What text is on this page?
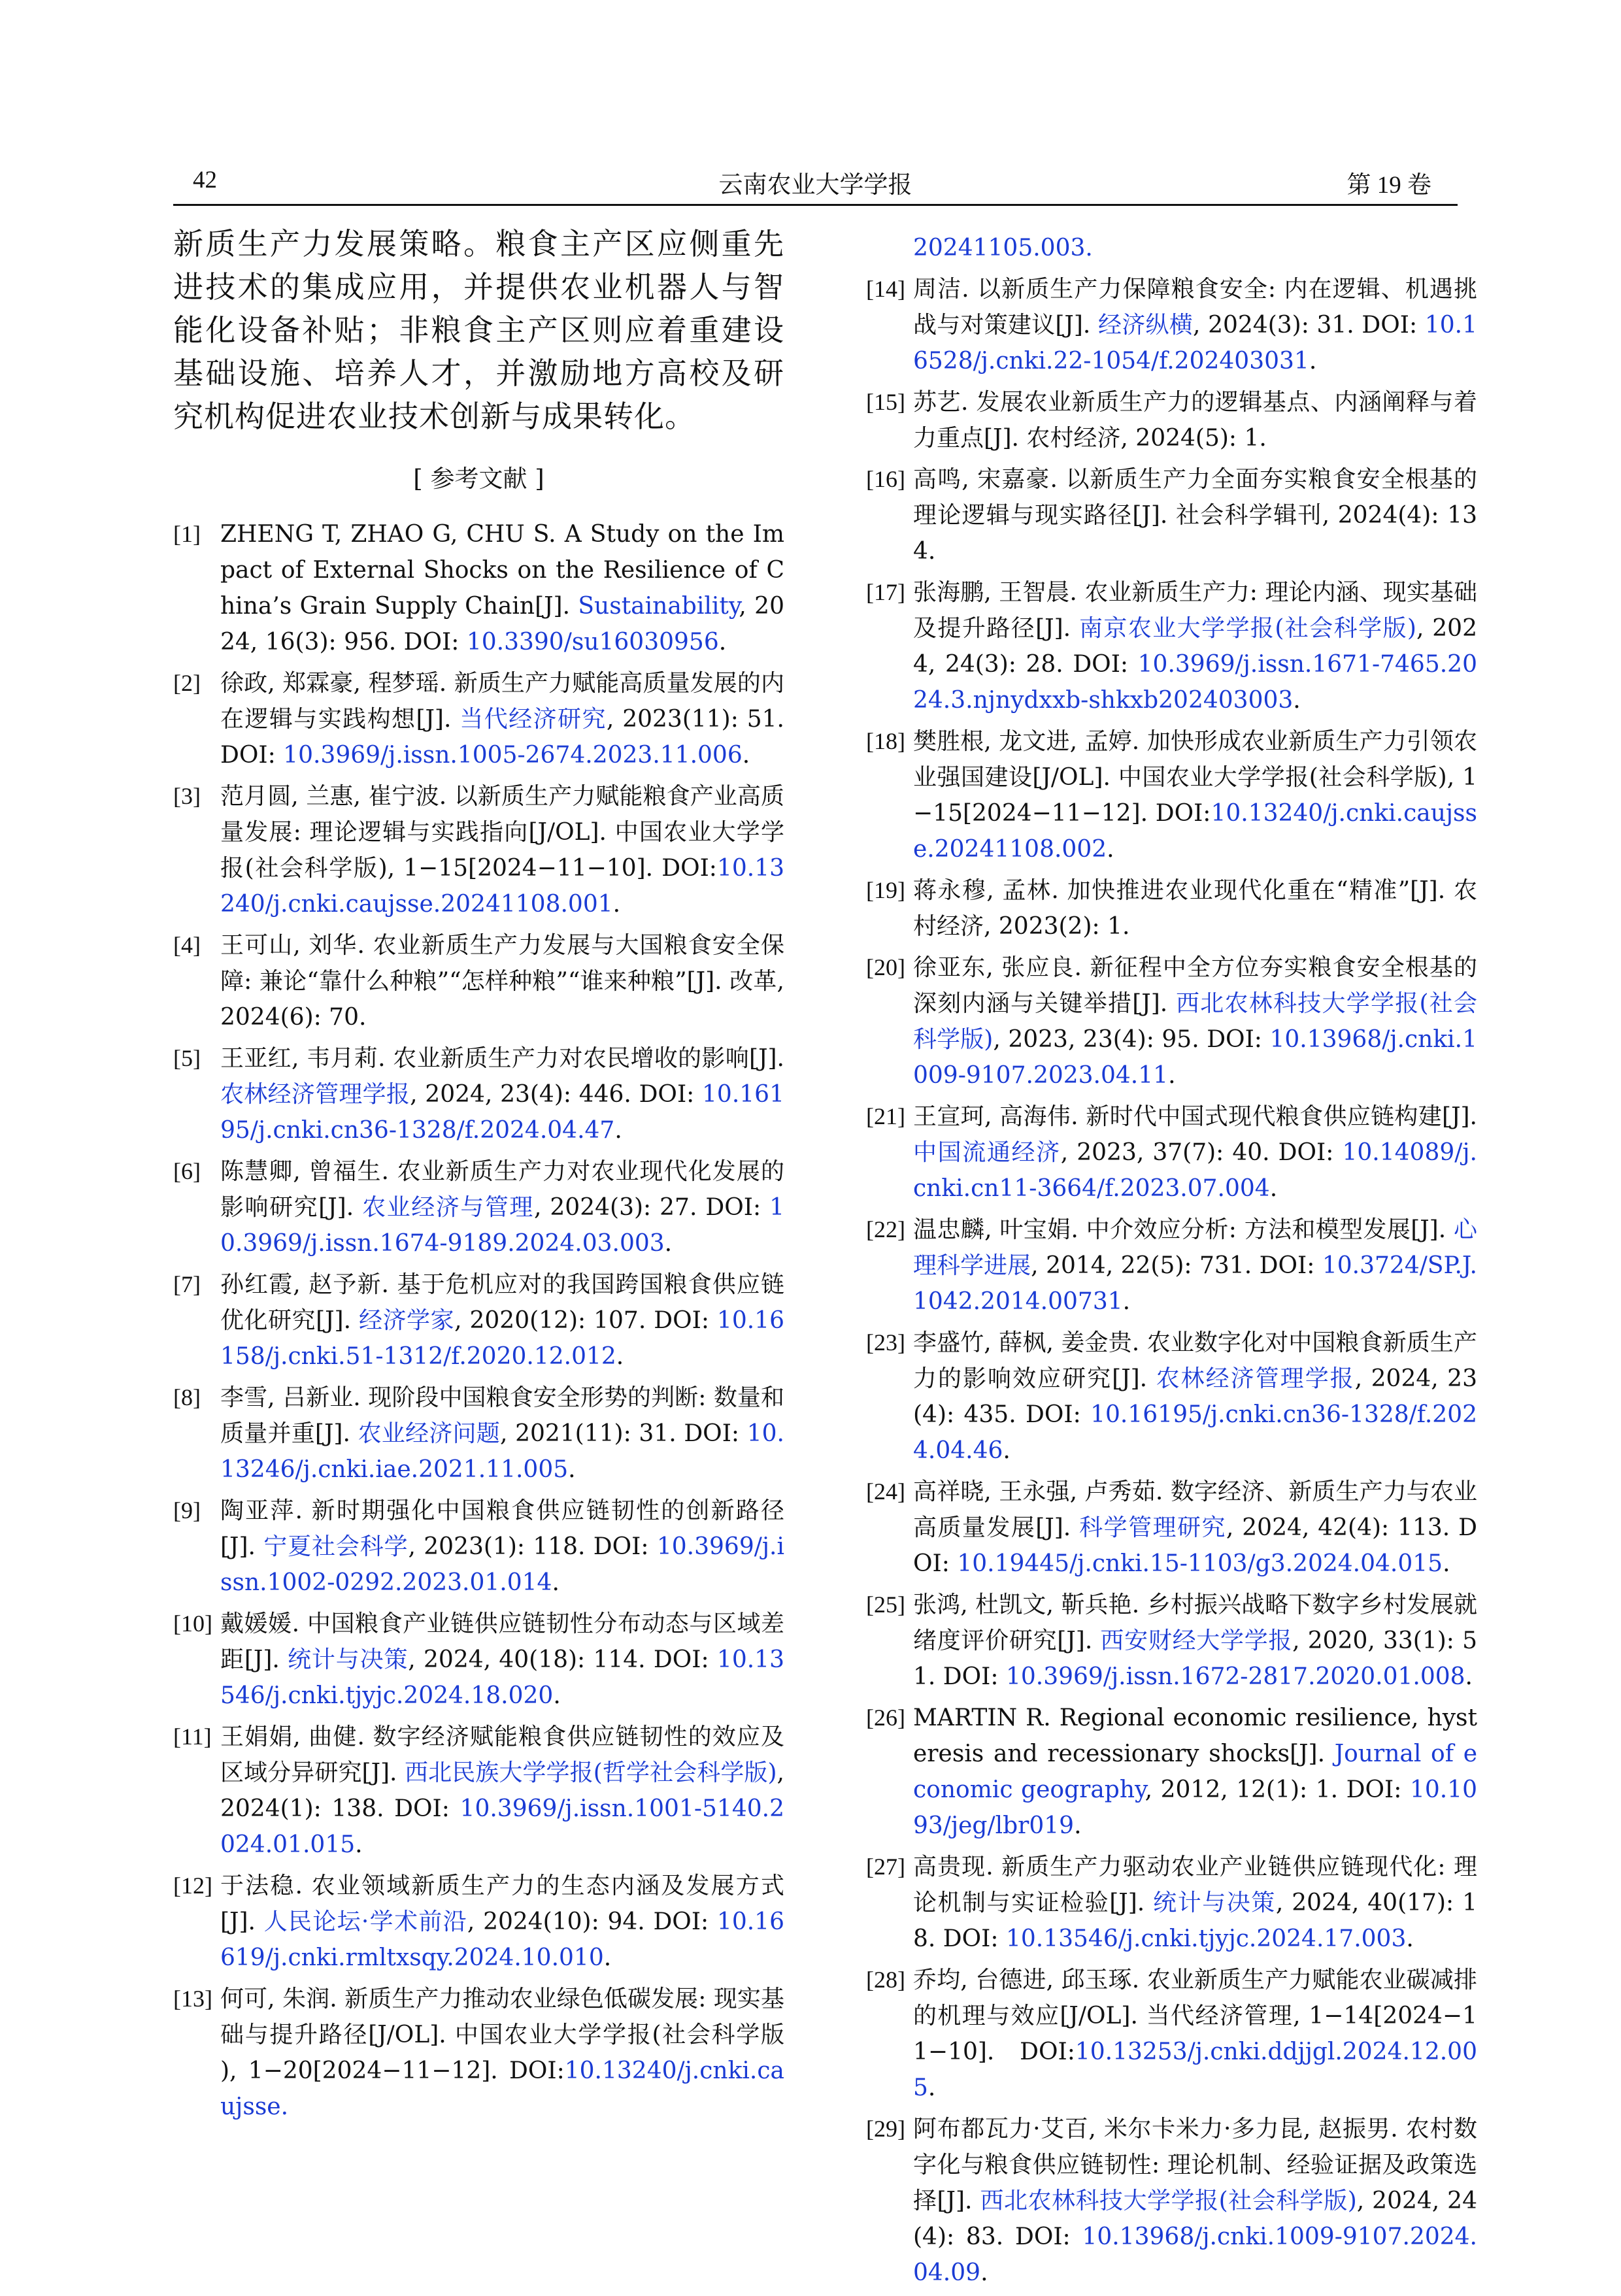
42	云南农业大学学报	第 19 卷

新质生产力发展策略。粮食主产区应侧重先进技术的集成应用，并提供农业机器人与智能化设备补贴；非粮食主产区则应着重建设基础设施、培养人才，并激励地方高校及研究机构促进农业技术创新与成果转化。

[ 参考文献 ]
[1] ZHENG T, ZHAO G, CHU S. A Study on the Impact of External Shocks on the Resilience of China’s Grain Supply Chain[J]. Sustainability, 2024, 16(3): 956. DOI: 10.3390/su16030956.
[2] 徐政, 郑霖豪, 程梦瑶. 新质生产力赋能高质量发展的内在逻辑与实践构想[J]. 当代经济研究, 2023(11): 51. DOI: 10.3969/j.issn.1005-2674.2023.11.006.
[3] 范月圆, 兰惠, 崔宁波. 以新质生产力赋能粮食产业高质量发展: 理论逻辑与实践指向[J/OL]. 中国农业大学学报(社会科学版), 1−15[2024−11−10]. DOI:10.13240/j.cnki.caujsse.20241108.001.
[4] 王可山, 刘华. 农业新质生产力发展与大国粮食安全保障: 兼论“靠什么种粮”“怎样种粮”“谁来种粮”[J]. 改革, 2024(6): 70.
[5] 王亚红, 韦月莉. 农业新质生产力对农民增收的影响[J]. 农林经济管理学报, 2024, 23(4): 446. DOI: 10.16195/j.cnki.cn36-1328/f.2024.04.47.
[6] 陈慧卿, 曾福生. 农业新质生产力对农业现代化发展的影响研究[J]. 农业经济与管理, 2024(3): 27. DOI: 10.3969/j.issn.1674-9189.2024.03.003.
[7] 孙红霞, 赵予新. 基于危机应对的我国跨国粮食供应链优化研究[J]. 经济学家, 2020(12): 107. DOI: 10.16158/j.cnki.51-1312/f.2020.12.012.
[8] 李雪, 吕新业. 现阶段中国粮食安全形势的判断: 数量和质量并重[J]. 农业经济问题, 2021(11): 31. DOI: 10.13246/j.cnki.iae.2021.11.005.
[9] 陶亚萍. 新时期强化中国粮食供应链韧性的创新路径[J]. 宁夏社会科学, 2023(1): 118. DOI: 10.3969/j.issn.1002-0292.2023.01.014.
[10] 戴媛媛. 中国粮食产业链供应链韧性分布动态与区域差距[J]. 统计与决策, 2024, 40(18): 114. DOI: 10.13546/j.cnki.tjyjc.2024.18.020.
[11] 王娟娟, 曲健. 数字经济赋能粮食供应链韧性的效应及区域分异研究[J]. 西北民族大学学报(哲学社会科学版), 2024(1): 138. DOI: 10.3969/j.issn.1001-5140.2024.01.015.
[12] 于法稳. 农业领域新质生产力的生态内涵及发展方式[J]. 人民论坛·学术前沿, 2024(10): 94. DOI: 10.16619/j.cnki.rmltxsqy.2024.10.010.
[13] 何可, 朱润. 新质生产力推动农业绿色低碳发展: 现实基础与提升路径[J/OL]. 中国农业大学学报(社会科学版 ), 1−20[2024−11−12]. DOI:10.13240/j.cnki.caujsse.
20241105.003.
[14] 周洁. 以新质生产力保障粮食安全: 内在逻辑、机遇挑战与对策建议[J]. 经济纵横, 2024(3): 31. DOI: 10.16528/j.cnki.22-1054/f.202403031.
[15] 苏艺. 发展农业新质生产力的逻辑基点、内涵阐释与着力重点[J]. 农村经济, 2024(5): 1.
[16] 高鸣, 宋嘉豪. 以新质生产力全面夯实粮食安全根基的理论逻辑与现实路径[J]. 社会科学辑刊, 2024(4): 134.
[17] 张海鹏, 王智晨. 农业新质生产力: 理论内涵、现实基础及提升路径[J]. 南京农业大学学报(社会科学版), 2024, 24(3): 28. DOI: 10.3969/j.issn.1671-7465.2024.3.njnydxxb-shkxb202403003.
[18] 樊胜根, 龙文进, 孟婷. 加快形成农业新质生产力引领农业强国建设[J/OL]. 中国农业大学学报(社会科学版), 1−15[2024−11−12]. DOI:10.13240/j.cnki.caujsse.20241108.002.
[19] 蒋永穆, 孟林. 加快推进农业现代化重在“精准”[J]. 农村经济, 2023(2): 1.
[20] 徐亚东, 张应良. 新征程中全方位夯实粮食安全根基的深刻内涵与关键举措[J]. 西北农林科技大学学报(社会科学版), 2023, 23(4): 95. DOI: 10.13968/j.cnki.1009-9107.2023.04.11.
[21] 王宣珂, 高海伟. 新时代中国式现代粮食供应链构建[J]. 中国流通经济, 2023, 37(7): 40. DOI: 10.14089/j.cnki.cn11-3664/f.2023.07.004.
[22] 温忠麟, 叶宝娟. 中介效应分析: 方法和模型发展[J]. 心理科学进展, 2014, 22(5): 731. DOI: 10.3724/SP.J.1042.2014.00731.
[23] 李盛竹, 薛枫, 姜金贵. 农业数字化对中国粮食新质生产力的影响效应研究[J]. 农林经济管理学报, 2024, 23(4): 435. DOI: 10.16195/j.cnki.cn36-1328/f.2024.04.46.
[24] 高祥晓, 王永强, 卢秀茹. 数字经济、新质生产力与农业高质量发展[J]. 科学管理研究, 2024, 42(4): 113. DOI: 10.19445/j.cnki.15-1103/g3.2024.04.015.
[25] 张鸿, 杜凯文, 靳兵艳. 乡村振兴战略下数字乡村发展就绪度评价研究[J]. 西安财经大学学报, 2020, 33(1): 51. DOI: 10.3969/j.issn.1672-2817.2020.01.008.
[26] MARTIN R. Regional economic resilience, hysteresis and recessionary shocks[J]. Journal of economic geography, 2012, 12(1): 1. DOI: 10.1093/jeg/lbr019.
[27] 高贵现. 新质生产力驱动农业产业链供应链现代化: 理论机制与实证检验[J]. 统计与决策, 2024, 40(17): 18. DOI: 10.13546/j.cnki.tjyjc.2024.17.003.
[28] 乔均, 台德进, 邱玉琢. 农业新质生产力赋能农业碳减排的机理与效应[J/OL]. 当代经济管理, 1−14[2024−11−10]. DOI:10.13253/j.cnki.ddjjgl.2024.12.005.
[29] 阿布都瓦力·艾百, 米尔卡米力·多力昆, 赵振男. 农村数字化与粮食供应链韧性: 理论机制、经验证据及政策选择[J]. 西北农林科技大学学报(社会科学版), 2024, 24(4): 83. DOI: 10.13968/j.cnki.1009-9107.2024.04.09.
